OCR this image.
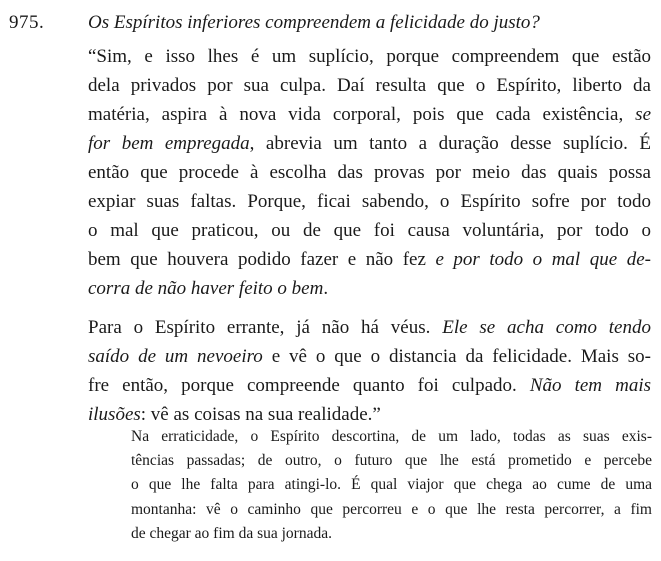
975. Os Espíritos inferiores compreendem a felicidade do justo?
“Sim, e isso lhes é um suplício, porque compreendem que estão
dela privados por sua culpa. Daí resulta que o Espírito, liberto da
matéria, aspira à nova vida corporal, pois que cada existência, se
for bem empregada, abrevia um tanto a duração desse suplício. É
então que procede à escolha das provas por meio das quais possa
expiar suas faltas. Porque, ficai sabendo, o Espírito sofre por todo
o mal que praticou, ou de que foi causa voluntária, por todo o
bem que houvera podido fazer e não fez e por todo o mal que de-
corra de não haver feito o bem.
Para o Espírito errante, já não há véus. Ele se acha como tendo
saído de um nevoeiro e vê o que o distancia da felicidade. Mais so-
fre então, porque compreende quanto foi culpado. Não tem mais
ilusões: vê as coisas na sua realidade.”
Na erraticidade, o Espírito descortina, de um lado, todas as suas exis-
tências passadas; de outro, o futuro que lhe está prometido e percebe
o que lhe falta para atingi-lo. É qual viajor que chega ao cume de uma
montanha: vê o caminho que percorreu e o que lhe resta percorrer, a fim
de chegar ao fim da sua jornada.
